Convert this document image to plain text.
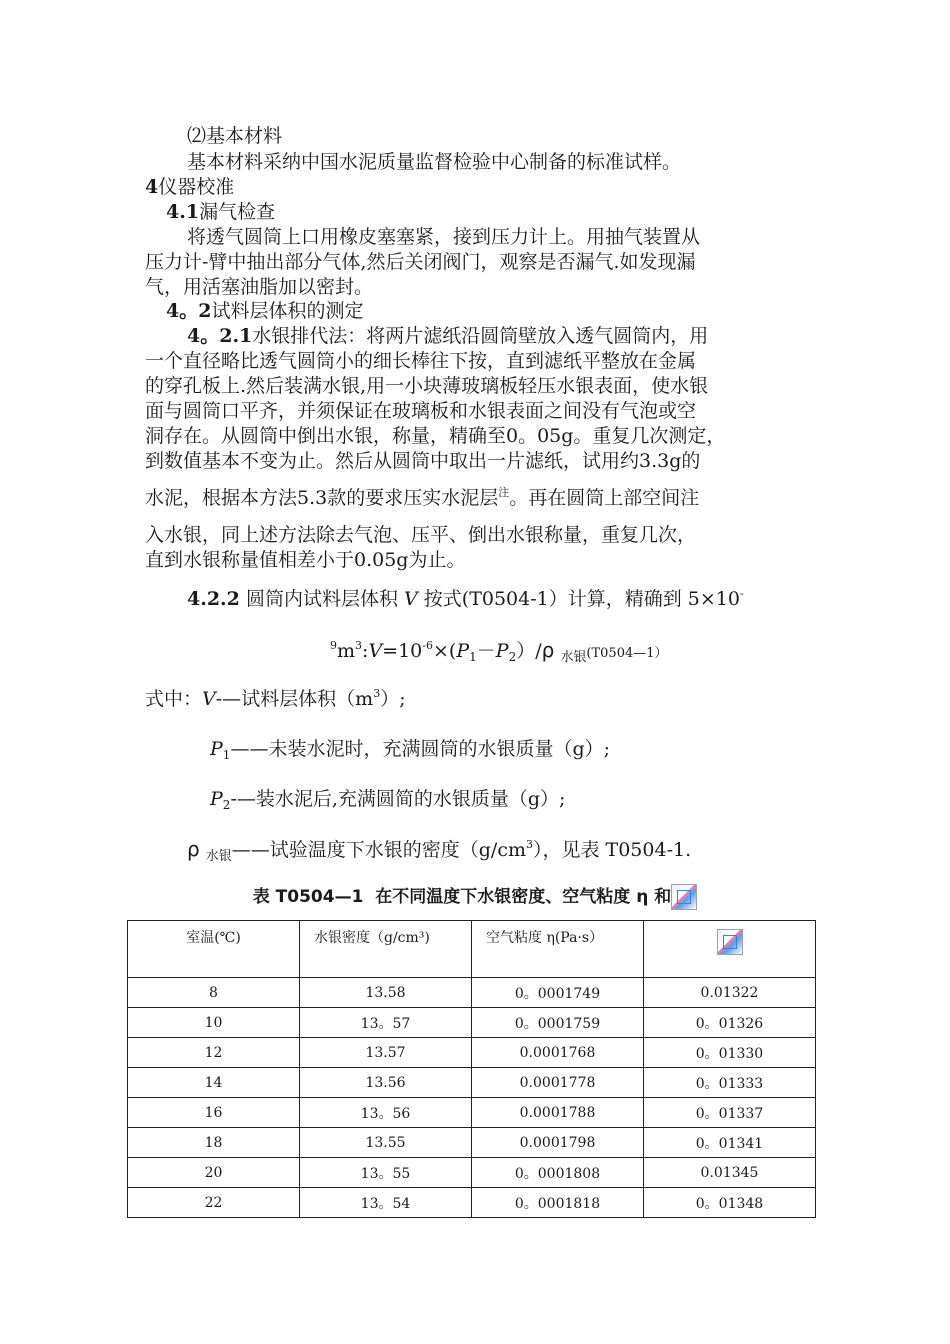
⑵基本材料
基本材料采纳中国水泥质量监督检验中心制备的标准试样。
4仪器校准
4.1漏气检查
将透气圆筒上口用橡皮塞塞紧，接到压力计上。用抽气装置从
压力计-臂中抽出部分气体,然后关闭阀门，观察是否漏气.如发现漏
气，用活塞油脂加以密封。
4。2试料层体积的测定
4。2.1水银排代法：将两片滤纸沿圆筒壁放入透气圆筒内，用
一个直径略比透气圆筒小的细长棒往下按，直到滤纸平整放在金属
的穿孔板上.然后装满水银,用一小块薄玻璃板轻压水银表面，使水银
面与圆筒口平齐，并须保证在玻璃板和水银表面之间没有气泡或空
洞存在。从圆筒中倒出水银，称量，精确至0。05g。重复几次测定，
到数值基本不变为止。然后从圆筒中取出一片滤纸，试用约3.3g的
水泥，根据本方法5.3款的要求压实水泥层$^注$。再在圆筒上部空间注
入水银，同上述方法除去气泡、压平、倒出水银称量，重复几次，
直到水银称量值相差小于0.05g为止。
4.2.2 圆筒内试料层体积 V 按式(T0504-1）计算，精确到 5×10-
$^9m^3:V=10^{-6}\times(P_1-P_2)/\rho$ $_{水银}$(T0504—1）
式中：V-—试料层体积$(m^3)$;
$P_1——$未装水泥时，充满圆筒的水银质量（g）;
$P_2-—$装水泥后,充满圆简的水银质量（g）;
ρ $_{水银}$——试验温度下水银的密度$(g/cm^3)$，见表 T0504-1.
表 T0504—1 在不同温度下水银密度、空气粘度 η 和
室温(℃)	水银密度（g/cm³)	空气粘度 η(Pa·s）	
8	13.58	0。0001749	0.01322
10	13。57	0。0001759	0。01326
12	13.57	0.0001768	0。01330
14	13.56	0.0001778	0。01333
16	13。56	0.0001788	0。01337
18	13.55	0.0001798	0。01341
20	13。55	0。0001808	0.01345
22	13。54	0。0001818	0。01348
